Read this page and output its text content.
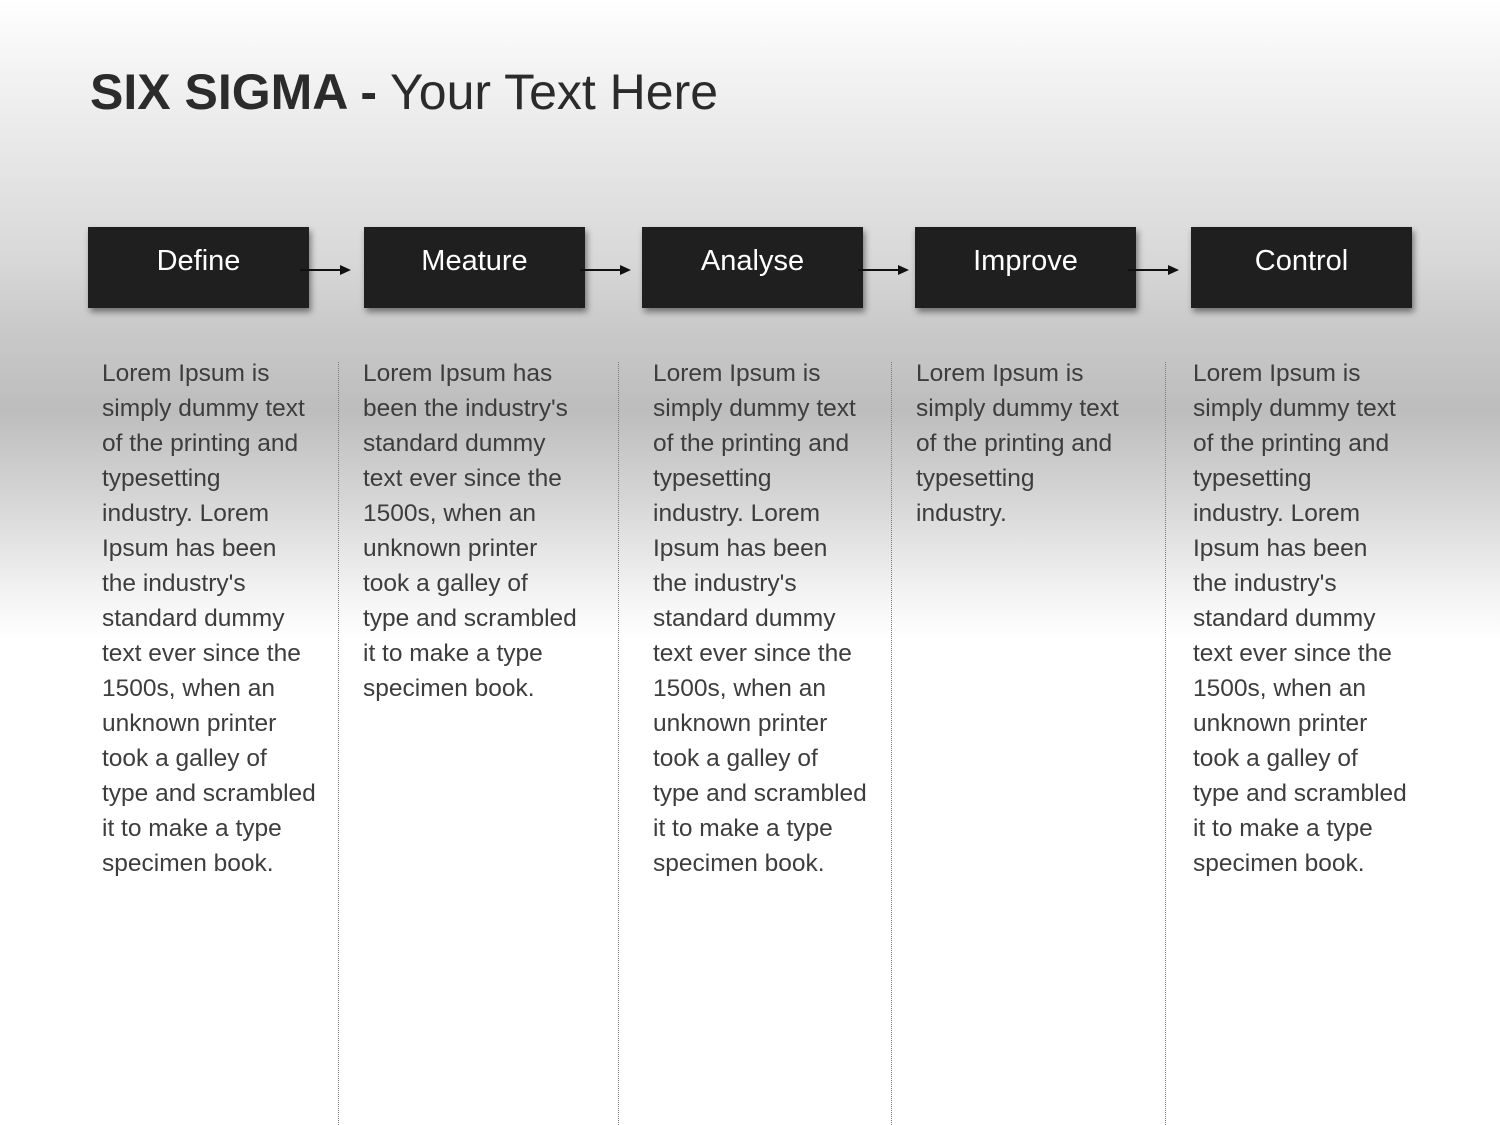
SIX SIGMA - Your Text Here
Define	Meature	Analyse	Improve	Control
Lorem Ipsum is simply dummy text of the printing and typesetting industry. Lorem Ipsum has been the industry's standard dummy text ever since the 1500s, when an unknown printer took a galley of type and scrambled it to make a type specimen book.
Lorem Ipsum has been the industry's standard dummy text ever since the 1500s, when an unknown printer took a galley of type and scrambled it to make a type specimen book.
Lorem Ipsum is simply dummy text of the printing and typesetting industry. Lorem Ipsum has been the industry's standard dummy text ever since the 1500s, when an unknown printer took a galley of type and scrambled it to make a type specimen book.
Lorem Ipsum is simply dummy text of the printing and typesetting industry.
Lorem Ipsum is simply dummy text of the printing and typesetting industry. Lorem Ipsum has been the industry's standard dummy text ever since the 1500s, when an unknown printer took a galley of type and scrambled it to make a type specimen book.
